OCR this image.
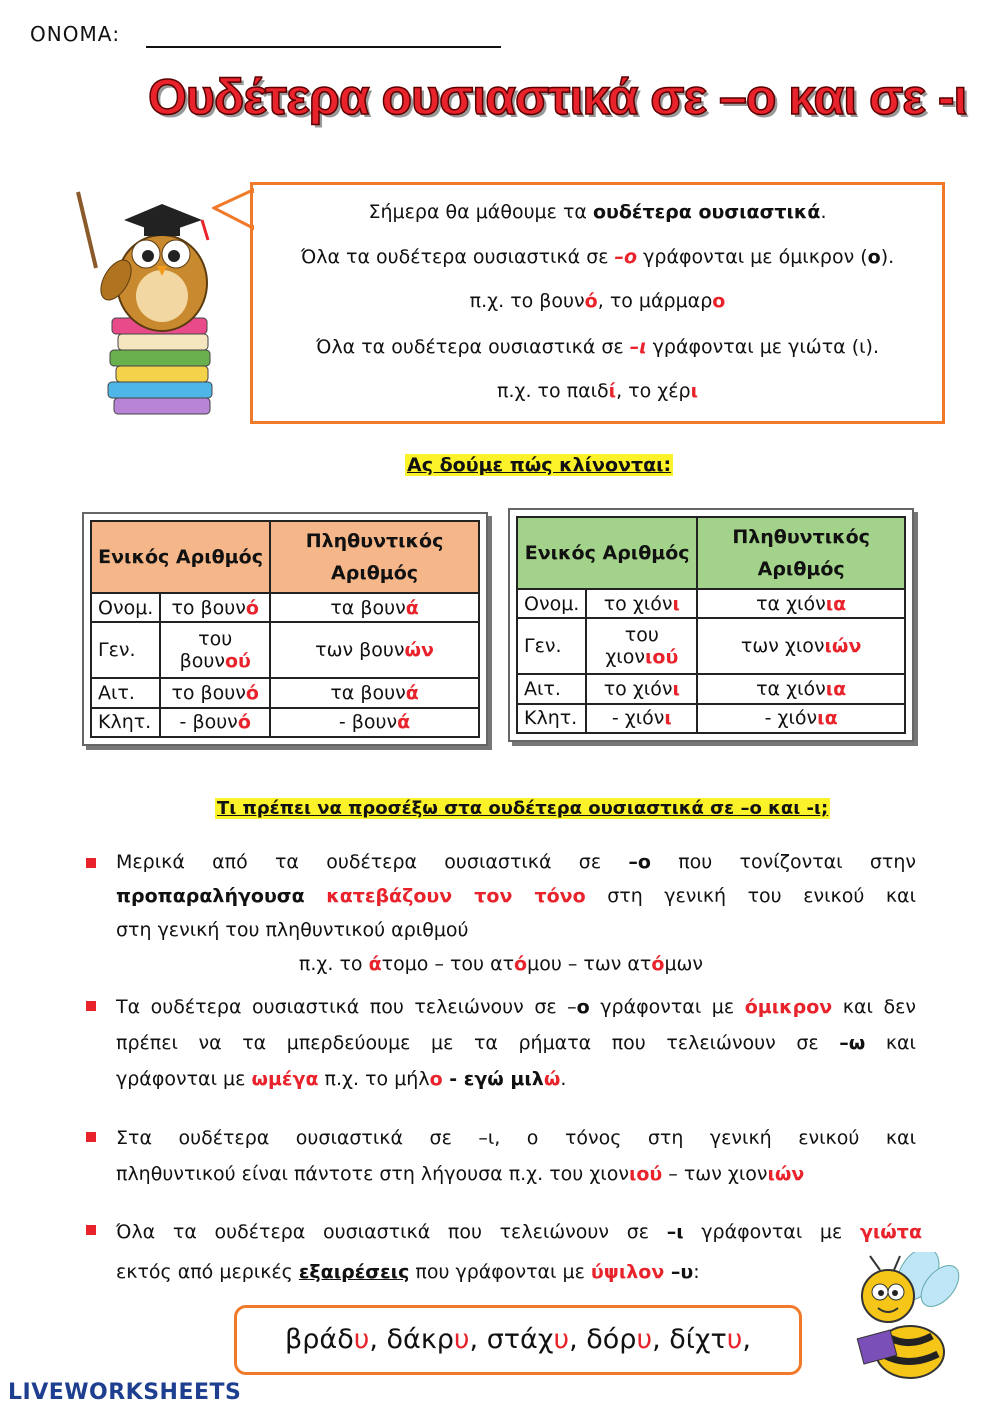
ΟΝΟΜΑ:
Ουδέτερα ουσιαστικά σε –ο και σε -ι
Σήμερα θα μάθουμε τα ουδέτερα ουσιαστικά.
Όλα τα ουδέτερα ουσιαστικά σε –ο γράφονται με όμικρον (ο).
π.χ. το βουνό, το μάρμαρο
Όλα τα ουδέτερα ουσιαστικά σε –ι γράφονται με γιώτα (ι).
π.χ. το παιδί, το χέρι
Ας δούμε πώς κλίνονται:
Ενικός Αριθμός		Πληθυντικός Αριθμός
Ονομ.	το βουνό	τα βουνά
Γεν.	του βουνού	των βουνών
Αιτ.	το βουνό	τα βουνά
Κλητ.	- βουνό	- βουνά
Ενικός Αριθμός		Πληθυντικός Αριθμός
Ονομ.	το χιόνι	τα χιόνια
Γεν.	του χιονιού	των χιονιών
Αιτ.	το χιόνι	τα χιόνια
Κλητ.	- χιόνι	- χιόνια
Τι πρέπει να προσέξω στα ουδέτερα ουσιαστικά σε –ο και -ι;
Μερικά από τα ουδέτερα ουσιαστικά σε –ο που τονίζονται στην
προπαραλήγουσα κατεβάζουν τον τόνο στη γενική του ενικού και
στη γενική του πληθυντικού αριθμού
π.χ. το άτομο – του ατόμου – των ατόμων
Τα ουδέτερα ουσιαστικά που τελειώνουν σε –ο γράφονται με όμικρον και δεν
πρέπει να τα μπερδεύουμε με τα ρήματα που τελειώνουν σε –ω και
γράφονται με ωμέγα π.χ. το μήλο - εγώ μιλώ.
Στα ουδέτερα ουσιαστικά σε –ι, ο τόνος στη γενική ενικού και
πληθυντικού είναι πάντοτε στη λήγουσα π.χ. του χιονιού – των χιονιών
Όλα τα ουδέτερα ουσιαστικά που τελειώνουν σε –ι γράφονται με γιώτα
εκτός από μερικές εξαιρέσεις που γράφονται με ύψιλον –υ:
βράδυ, δάκρυ, στάχυ, δόρυ, δίχτυ,
LIVEWORKSHEETS
